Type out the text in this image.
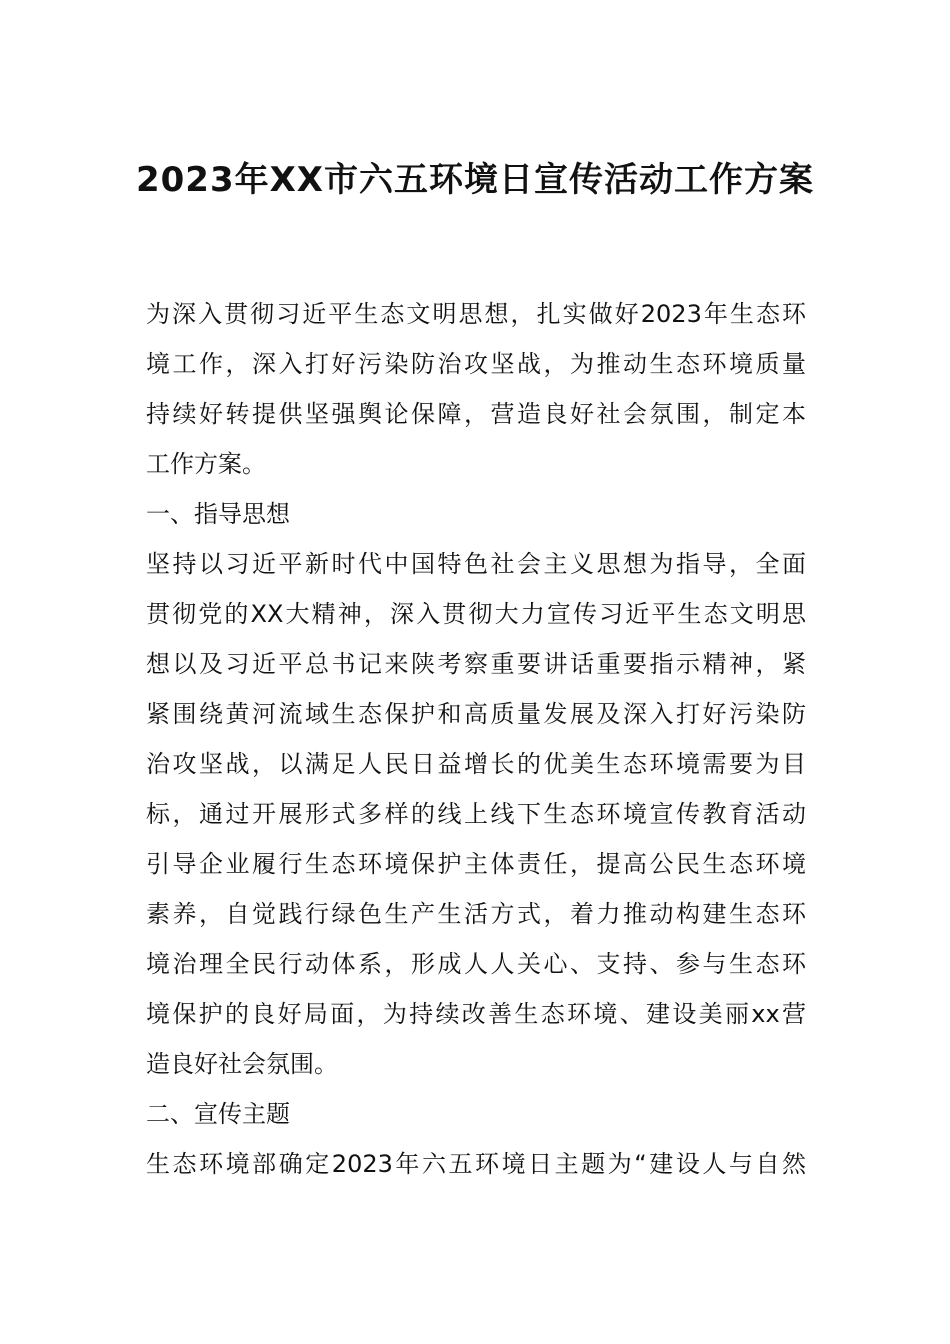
2023年XX市六五环境日宣传活动工作方案
为深入贯彻习近平生态文明思想，扎实做好2023年生态环
境工作，深入打好污染防治攻坚战，为推动生态环境质量
持续好转提供坚强舆论保障，营造良好社会氛围，制定本
工作方案。
一、指导思想
坚持以习近平新时代中国特色社会主义思想为指导，全面
贯彻党的XX大精神，深入贯彻大力宣传习近平生态文明思
想以及习近平总书记来陕考察重要讲话重要指示精神，紧
紧围绕黄河流域生态保护和高质量发展及深入打好污染防
治攻坚战，以满足人民日益增长的优美生态环境需要为目
标，通过开展形式多样的线上线下生态环境宣传教育活动
引导企业履行生态环境保护主体责任，提高公民生态环境
素养，自觉践行绿色生产生活方式，着力推动构建生态环
境治理全民行动体系，形成人人关心、支持、参与生态环
境保护的良好局面，为持续改善生态环境、建设美丽xx营
造良好社会氛围。
二、宣传主题
生态环境部确定2023年六五环境日主题为“建设人与自然
